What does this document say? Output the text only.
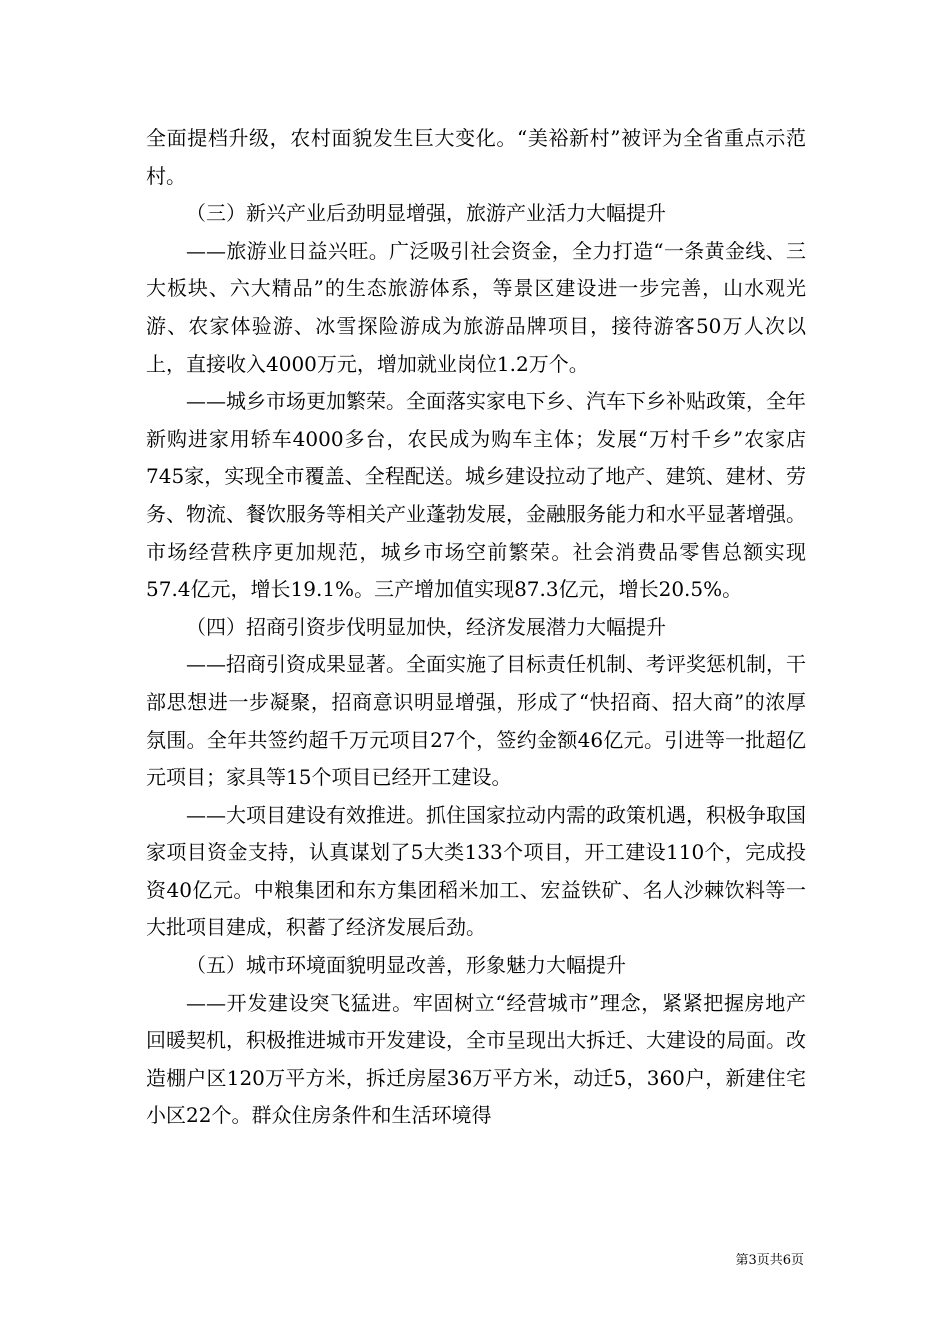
全面提档升级，农村面貌发生巨大变化。“美裕新村”被评为全省重点示范村。

（三）新兴产业后劲明显增强，旅游产业活力大幅提升

——旅游业日益兴旺。广泛吸引社会资金，全力打造“一条黄金线、三大板块、六大精品”的生态旅游体系，等景区建设进一步完善，山水观光游、农家体验游、冰雪探险游成为旅游品牌项目，接待游客50万人次以上，直接收入4000万元，增加就业岗位1.2万个。

——城乡市场更加繁荣。全面落实家电下乡、汽车下乡补贴政策，全年新购进家用轿车4000多台，农民成为购车主体；发展“万村千乡”农家店745家，实现全市覆盖、全程配送。城乡建设拉动了地产、建筑、建材、劳务、物流、餐饮服务等相关产业蓬勃发展，金融服务能力和水平显著增强。市场经营秩序更加规范，城乡市场空前繁荣。社会消费品零售总额实现57.4亿元，增长19.1%。三产增加值实现87.3亿元，增长20.5%。

（四）招商引资步伐明显加快，经济发展潜力大幅提升

——招商引资成果显著。全面实施了目标责任机制、考评奖惩机制，干部思想进一步凝聚，招商意识明显增强，形成了“快招商、招大商”的浓厚氛围。全年共签约超千万元项目27个，签约金额46亿元。引进等一批超亿元项目；家具等15个项目已经开工建设。

——大项目建设有效推进。抓住国家拉动内需的政策机遇，积极争取国家项目资金支持，认真谋划了5大类133个项目，开工建设110个，完成投资40亿元。中粮集团和东方集团稻米加工、宏益铁矿、名人沙棘饮料等一大批项目建成，积蓄了经济发展后劲。

（五）城市环境面貌明显改善，形象魅力大幅提升

——开发建设突飞猛进。牢固树立“经营城市”理念，紧紧把握房地产回暖契机，积极推进城市开发建设，全市呈现出大拆迁、大建设的局面。改造棚户区120万平方米，拆迁房屋36万平方米，动迁5，360户，新建住宅小区22个。群众住房条件和生活环境得

第3页共6页
